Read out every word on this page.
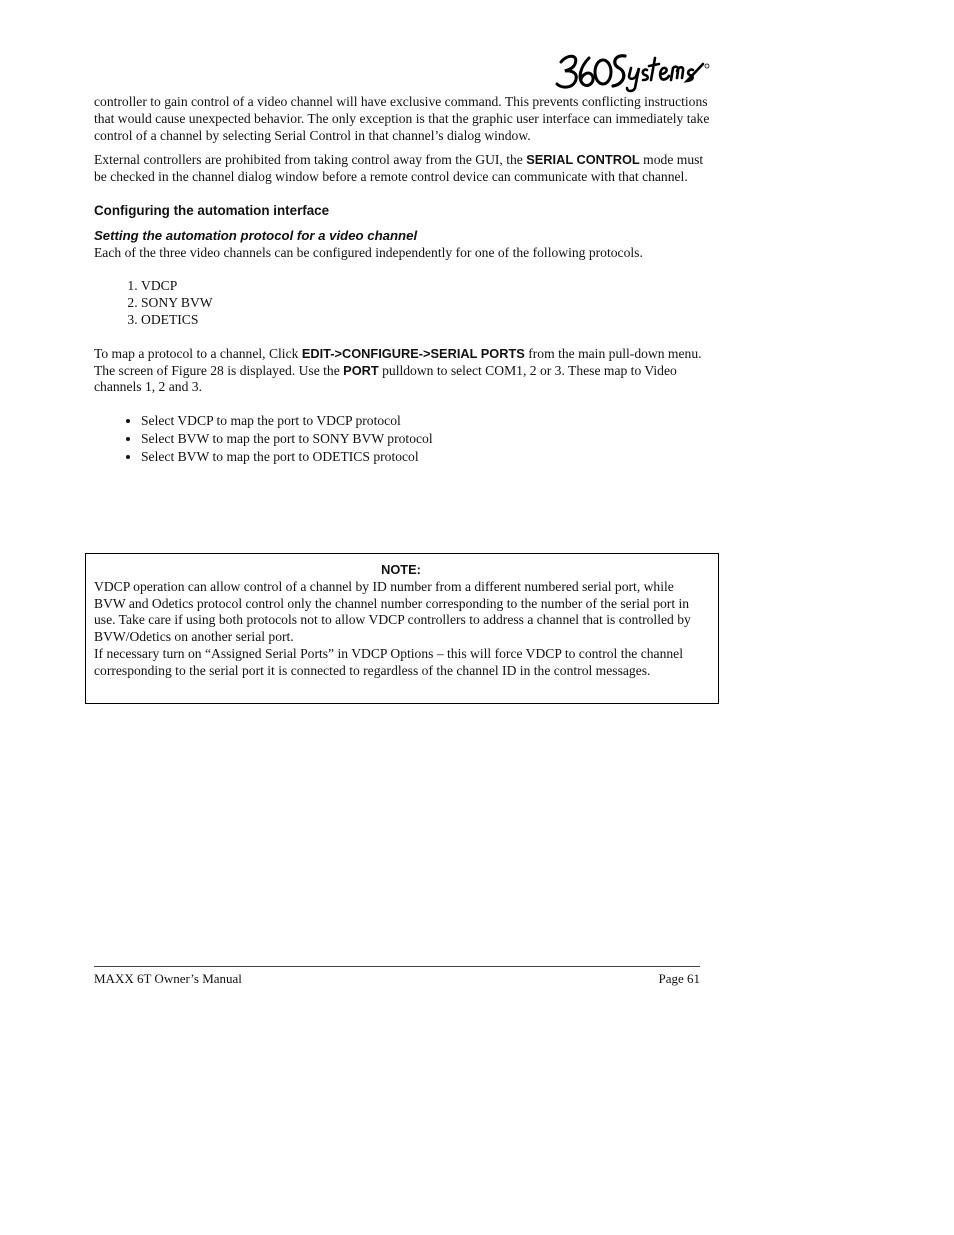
controller to gain control of a video channel will have exclusive command. This prevents conflicting instructions that would cause unexpected behavior. The only exception is that the graphic user interface can immediately take control of a channel by selecting Serial Control in that channel’s dialog window.

External controllers are prohibited from taking control away from the GUI, the SERIAL CONTROL mode must be checked in the channel dialog window before a remote control device can communicate with that channel.

Configuring the automation interface
Setting the automation protocol for a video channel

Each of the three video channels can be configured independently for one of the following protocols.

1. VDCP
2. SONY BVW
3. ODETICS

To map a protocol to a channel, Click EDIT->CONFIGURE->SERIAL PORTS from the main pull-down menu. The screen of Figure 28 is displayed. Use the PORT pulldown to select COM1, 2 or 3. These map to Video channels 1, 2 and 3.

• Select VDCP to map the port to VDCP protocol
• Select BVW to map the port to SONY BVW protocol
• Select BVW to map the port to ODETICS protocol
NOTE:

VDCP operation can allow control of a channel by ID number from a different numbered serial port, while BVW and Odetics protocol control only the channel number corresponding to the number of the serial port in use. Take care if using both protocols not to allow VDCP controllers to address a channel that is controlled by BVW/Odetics on another serial port.

If necessary turn on “Assigned Serial Ports” in VDCP Options – this will force VDCP to control the channel corresponding to the serial port it is connected to regardless of the channel ID in the control messages.

MAXX 6T Owner’s Manual	Page 61
